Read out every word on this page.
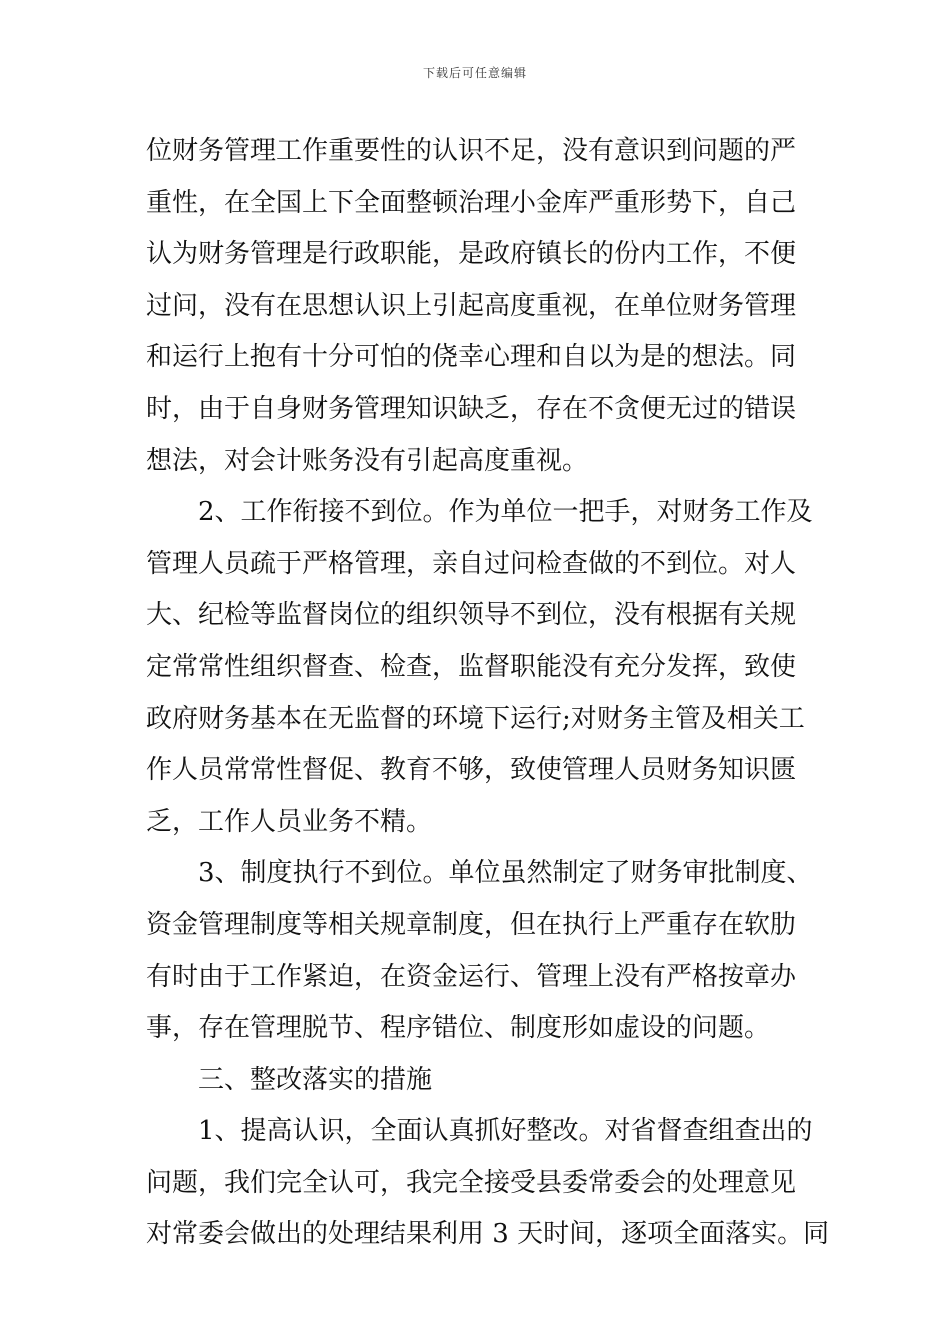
下载后可任意编辑
位财务管理工作重要性的认识不足，没有意识到问题的严
重性，在全国上下全面整顿治理小金库严重形势下，自己
认为财务管理是行政职能，是政府镇长的份内工作，不便
过问，没有在思想认识上引起高度重视，在单位财务管理
和运行上抱有十分可怕的侥幸心理和自以为是的想法。同
时，由于自身财务管理知识缺乏，存在不贪便无过的错误
想法，对会计账务没有引起高度重视。
2、工作衔接不到位。作为单位一把手，对财务工作及
管理人员疏于严格管理，亲自过问检查做的不到位。对人
大、纪检等监督岗位的组织领导不到位，没有根据有关规
定常常性组织督查、检查，监督职能没有充分发挥，致使
政府财务基本在无监督的环境下运行;对财务主管及相关工
作人员常常性督促、教育不够，致使管理人员财务知识匮
乏，工作人员业务不精。
3、制度执行不到位。单位虽然制定了财务审批制度、
资金管理制度等相关规章制度，但在执行上严重存在软肋
有时由于工作紧迫，在资金运行、管理上没有严格按章办
事，存在管理脱节、程序错位、制度形如虚设的问题。
三、整改落实的措施
1、提高认识，全面认真抓好整改。对省督查组查出的
问题，我们完全认可，我完全接受县委常委会的处理意见
对常委会做出的处理结果利用 3 天时间，逐项全面落实。同
